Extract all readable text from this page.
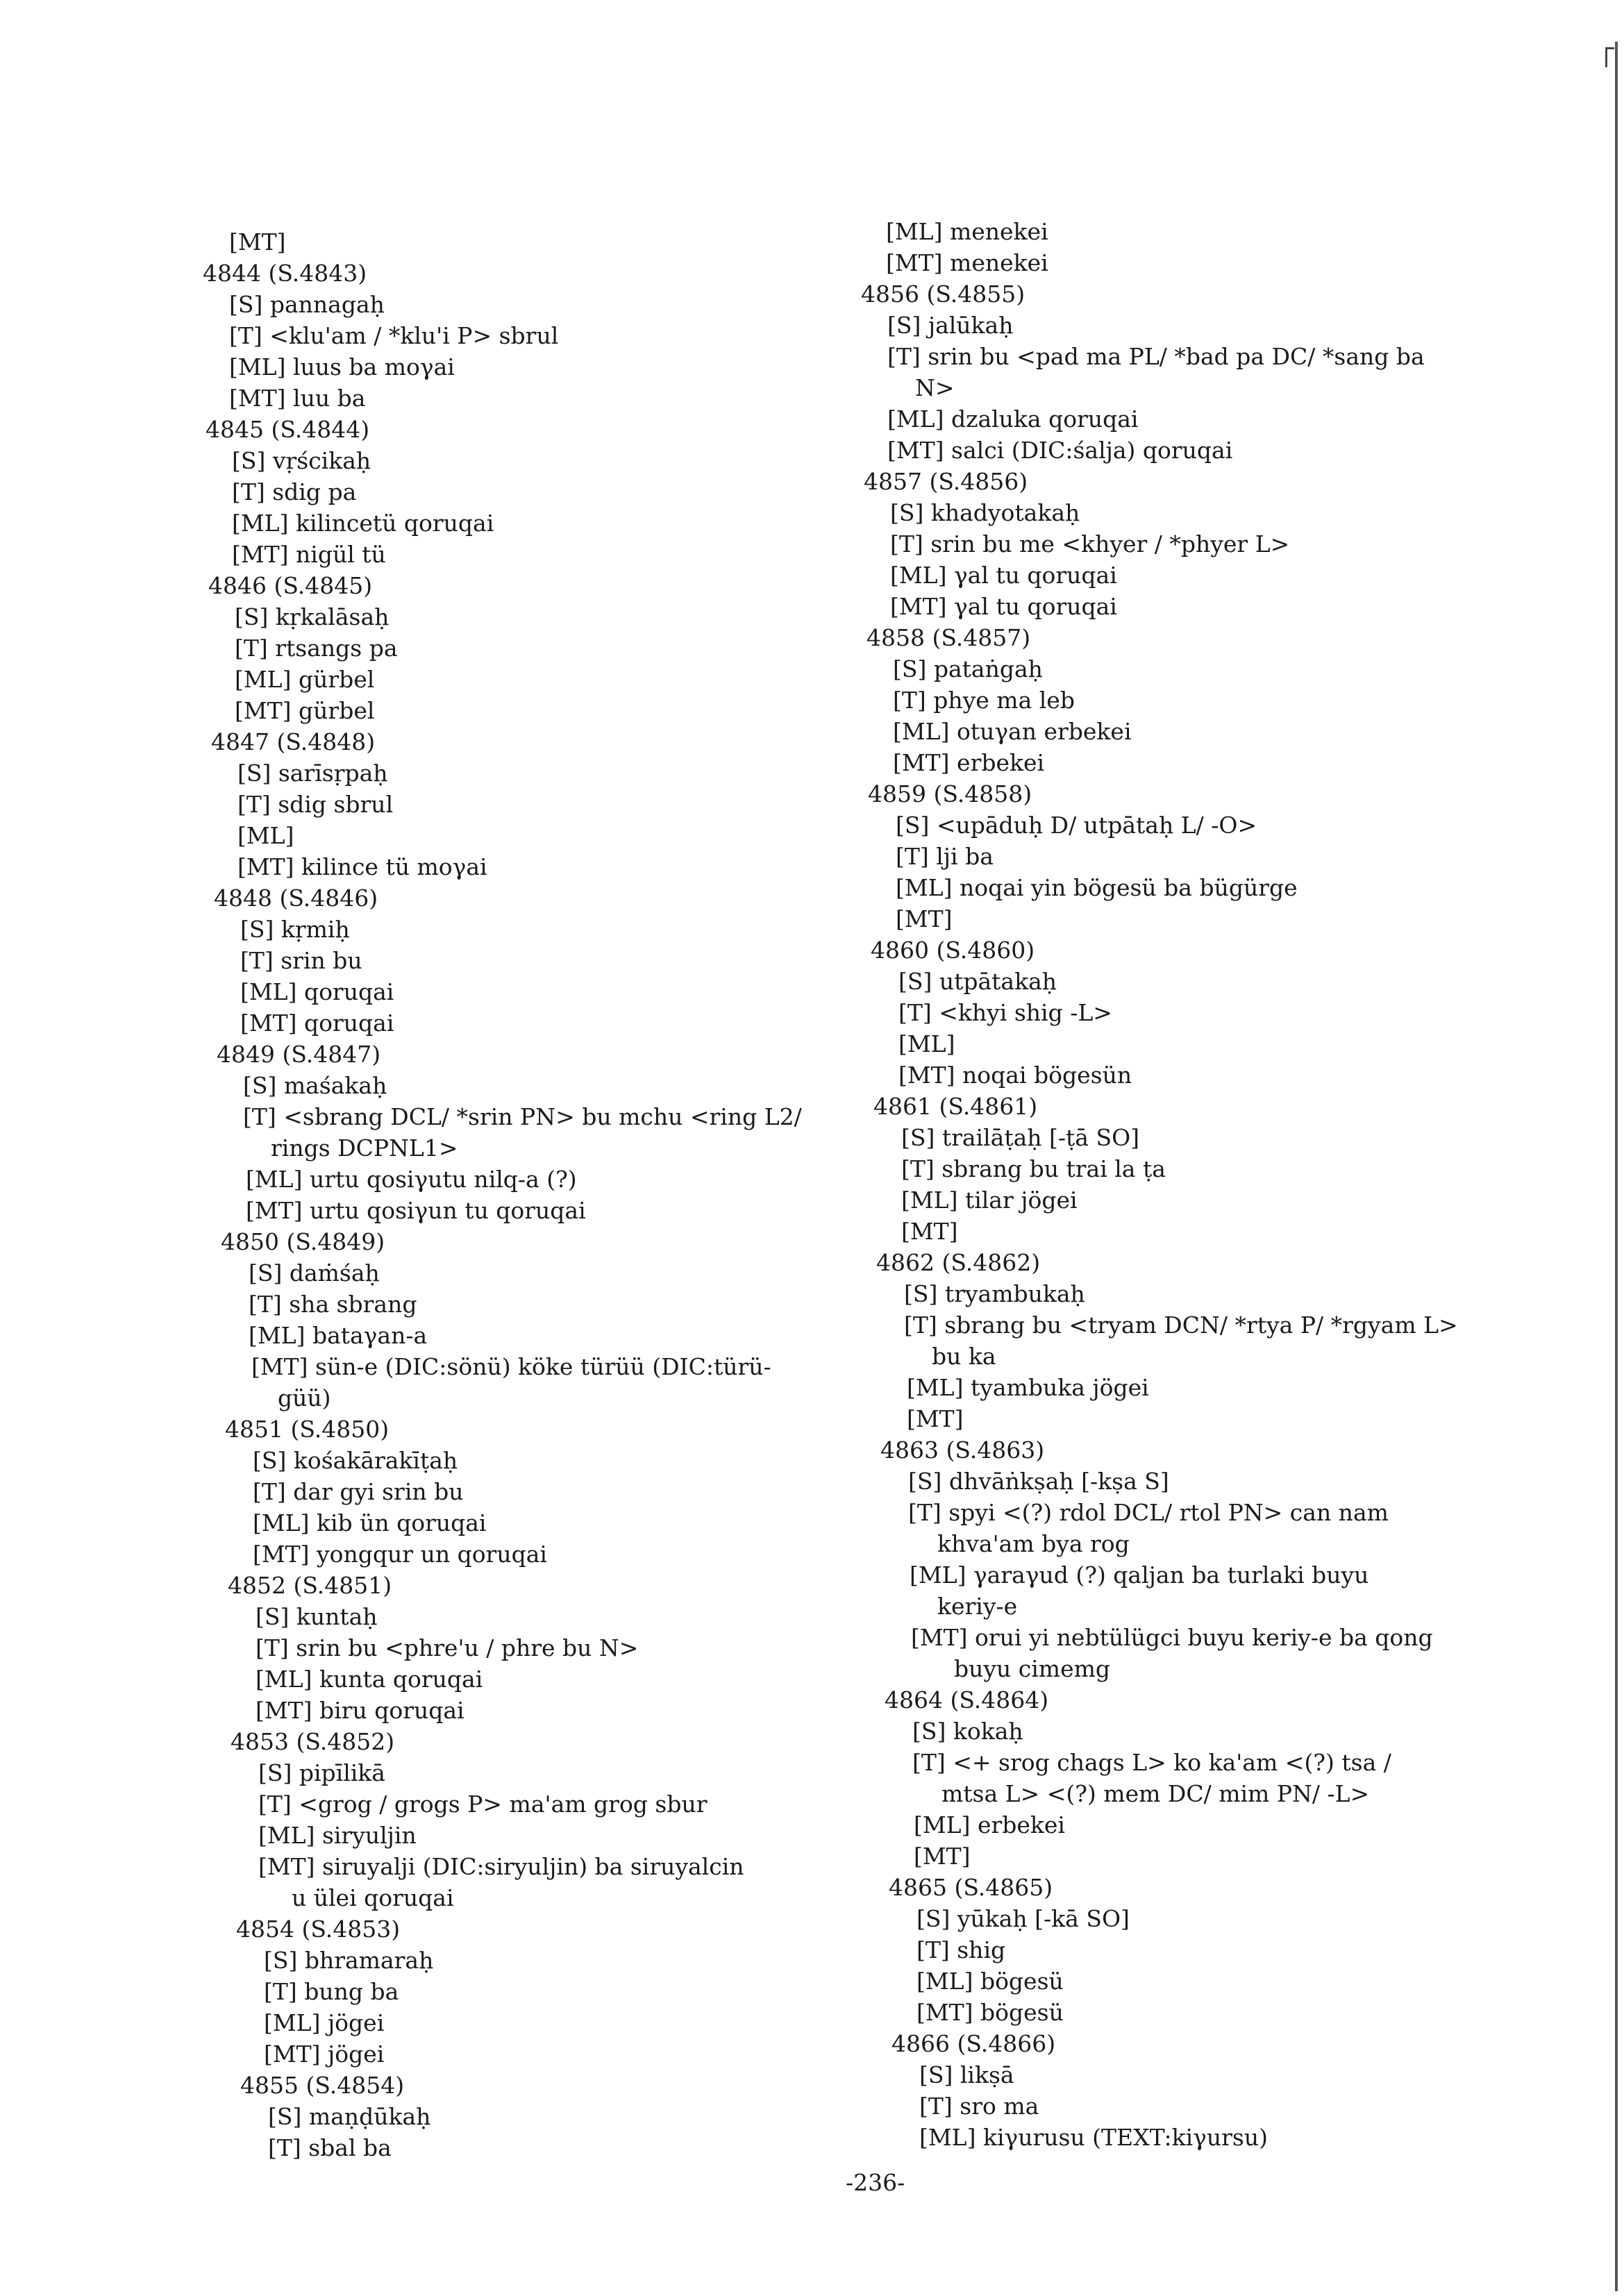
[MT]
4844 (S.4843)
[S] pannagaḥ
[T] <klu'am / *klu'i P> sbrul
[ML] luus ba moγai
[MT] luu ba
4845 (S.4844)
[S] vṛścikaḥ
[T] sdig pa
[ML] kilincetü qoruqai
[MT] nigül tü
4846 (S.4845)
[S] kṛkalāsaḥ
[T] rtsangs pa
[ML] gürbel
[MT] gürbel
4847 (S.4848)
[S] sarīsṛpaḥ
[T] sdig sbrul
[ML]
[MT] kilince tü moγai
4848 (S.4846)
[S] kṛmiḥ
[T] srin bu
[ML] qoruqai
[MT] qoruqai
4849 (S.4847)
[S] maśakaḥ
[T] <sbrang DCL/ *srin PN> bu mchu <ring L2/
rings DCPNL1>
[ML] urtu qosiγutu nilq-a (?)
[MT] urtu qosiγun tu qoruqai
4850 (S.4849)
[S] daṁśaḥ
[T] sha sbrang
[ML] bataγan-a
[MT] sün-e (DIC:sönü) köke türüü (DIC:türü-
güü)
4851 (S.4850)
[S] kośakārakīṭaḥ
[T] dar gyi srin bu
[ML] kib ün qoruqai
[MT] yongqur un qoruqai
4852 (S.4851)
[S] kuntaḥ
[T] srin bu <phre'u / phre bu N>
[ML] kunta qoruqai
[MT] biru qoruqai
4853 (S.4852)
[S] pipīlikā
[T] <grog / grogs P> ma'am grog sbur
[ML] siryuljin
[MT] siruyalji (DIC:siryuljin) ba siruyalcin
u ülei qoruqai
4854 (S.4853)
[S] bhramaraḥ
[T] bung ba
[ML] jögei
[MT] jögei
4855 (S.4854)
[S] maṇḍūkaḥ
[T] sbal ba
[ML] menekei
[MT] menekei
4856 (S.4855)
[S] jalūkaḥ
[T] srin bu <pad ma PL/ *bad pa DC/ *sang ba
N>
[ML] dzaluka qoruqai
[MT] salci (DIC:śalja) qoruqai
4857 (S.4856)
[S] khadyotakaḥ
[T] srin bu me <khyer / *phyer L>
[ML] γal tu qoruqai
[MT] γal tu qoruqai
4858 (S.4857)
[S] pataṅgaḥ
[T] phye ma leb
[ML] otuγan erbekei
[MT] erbekei
4859 (S.4858)
[S] <upāduḥ D/ utpātaḥ L/ -O>
[T] lji ba
[ML] noqai yin bögesü ba bügürge
[MT]
4860 (S.4860)
[S] utpātakaḥ
[T] <khyi shig -L>
[ML]
[MT] noqai bögesün
4861 (S.4861)
[S] trailāṭaḥ [-ṭā SO]
[T] sbrang bu trai la ṭa
[ML] tilar jögei
[MT]
4862 (S.4862)
[S] tryambukaḥ
[T] sbrang bu <tryam DCN/ *rtya P/ *rgyam L>
bu ka
[ML] tyambuka jögei
[MT]
4863 (S.4863)
[S] dhvāṅkṣaḥ [-kṣa S]
[T] spyi <(?) rdol DCL/ rtol PN> can nam
khva'am bya rog
[ML] γaraγud (?) qaljan ba turlaki buyu
keriy-e
[MT] orui yi nebtülügci buyu keriy-e ba qong
buyu cimemg
4864 (S.4864)
[S] kokaḥ
[T] <+ srog chags L> ko ka'am <(?) tsa /
mtsa L> <(?) mem DC/ mim PN/ -L>
[ML] erbekei
[MT]
4865 (S.4865)
[S] yūkaḥ [-kā SO]
[T] shig
[ML] bögesü
[MT] bögesü
4866 (S.4866)
[S] likṣā
[T] sro ma
[ML] kiγurusu (TEXT:kiγursu)
-236-
